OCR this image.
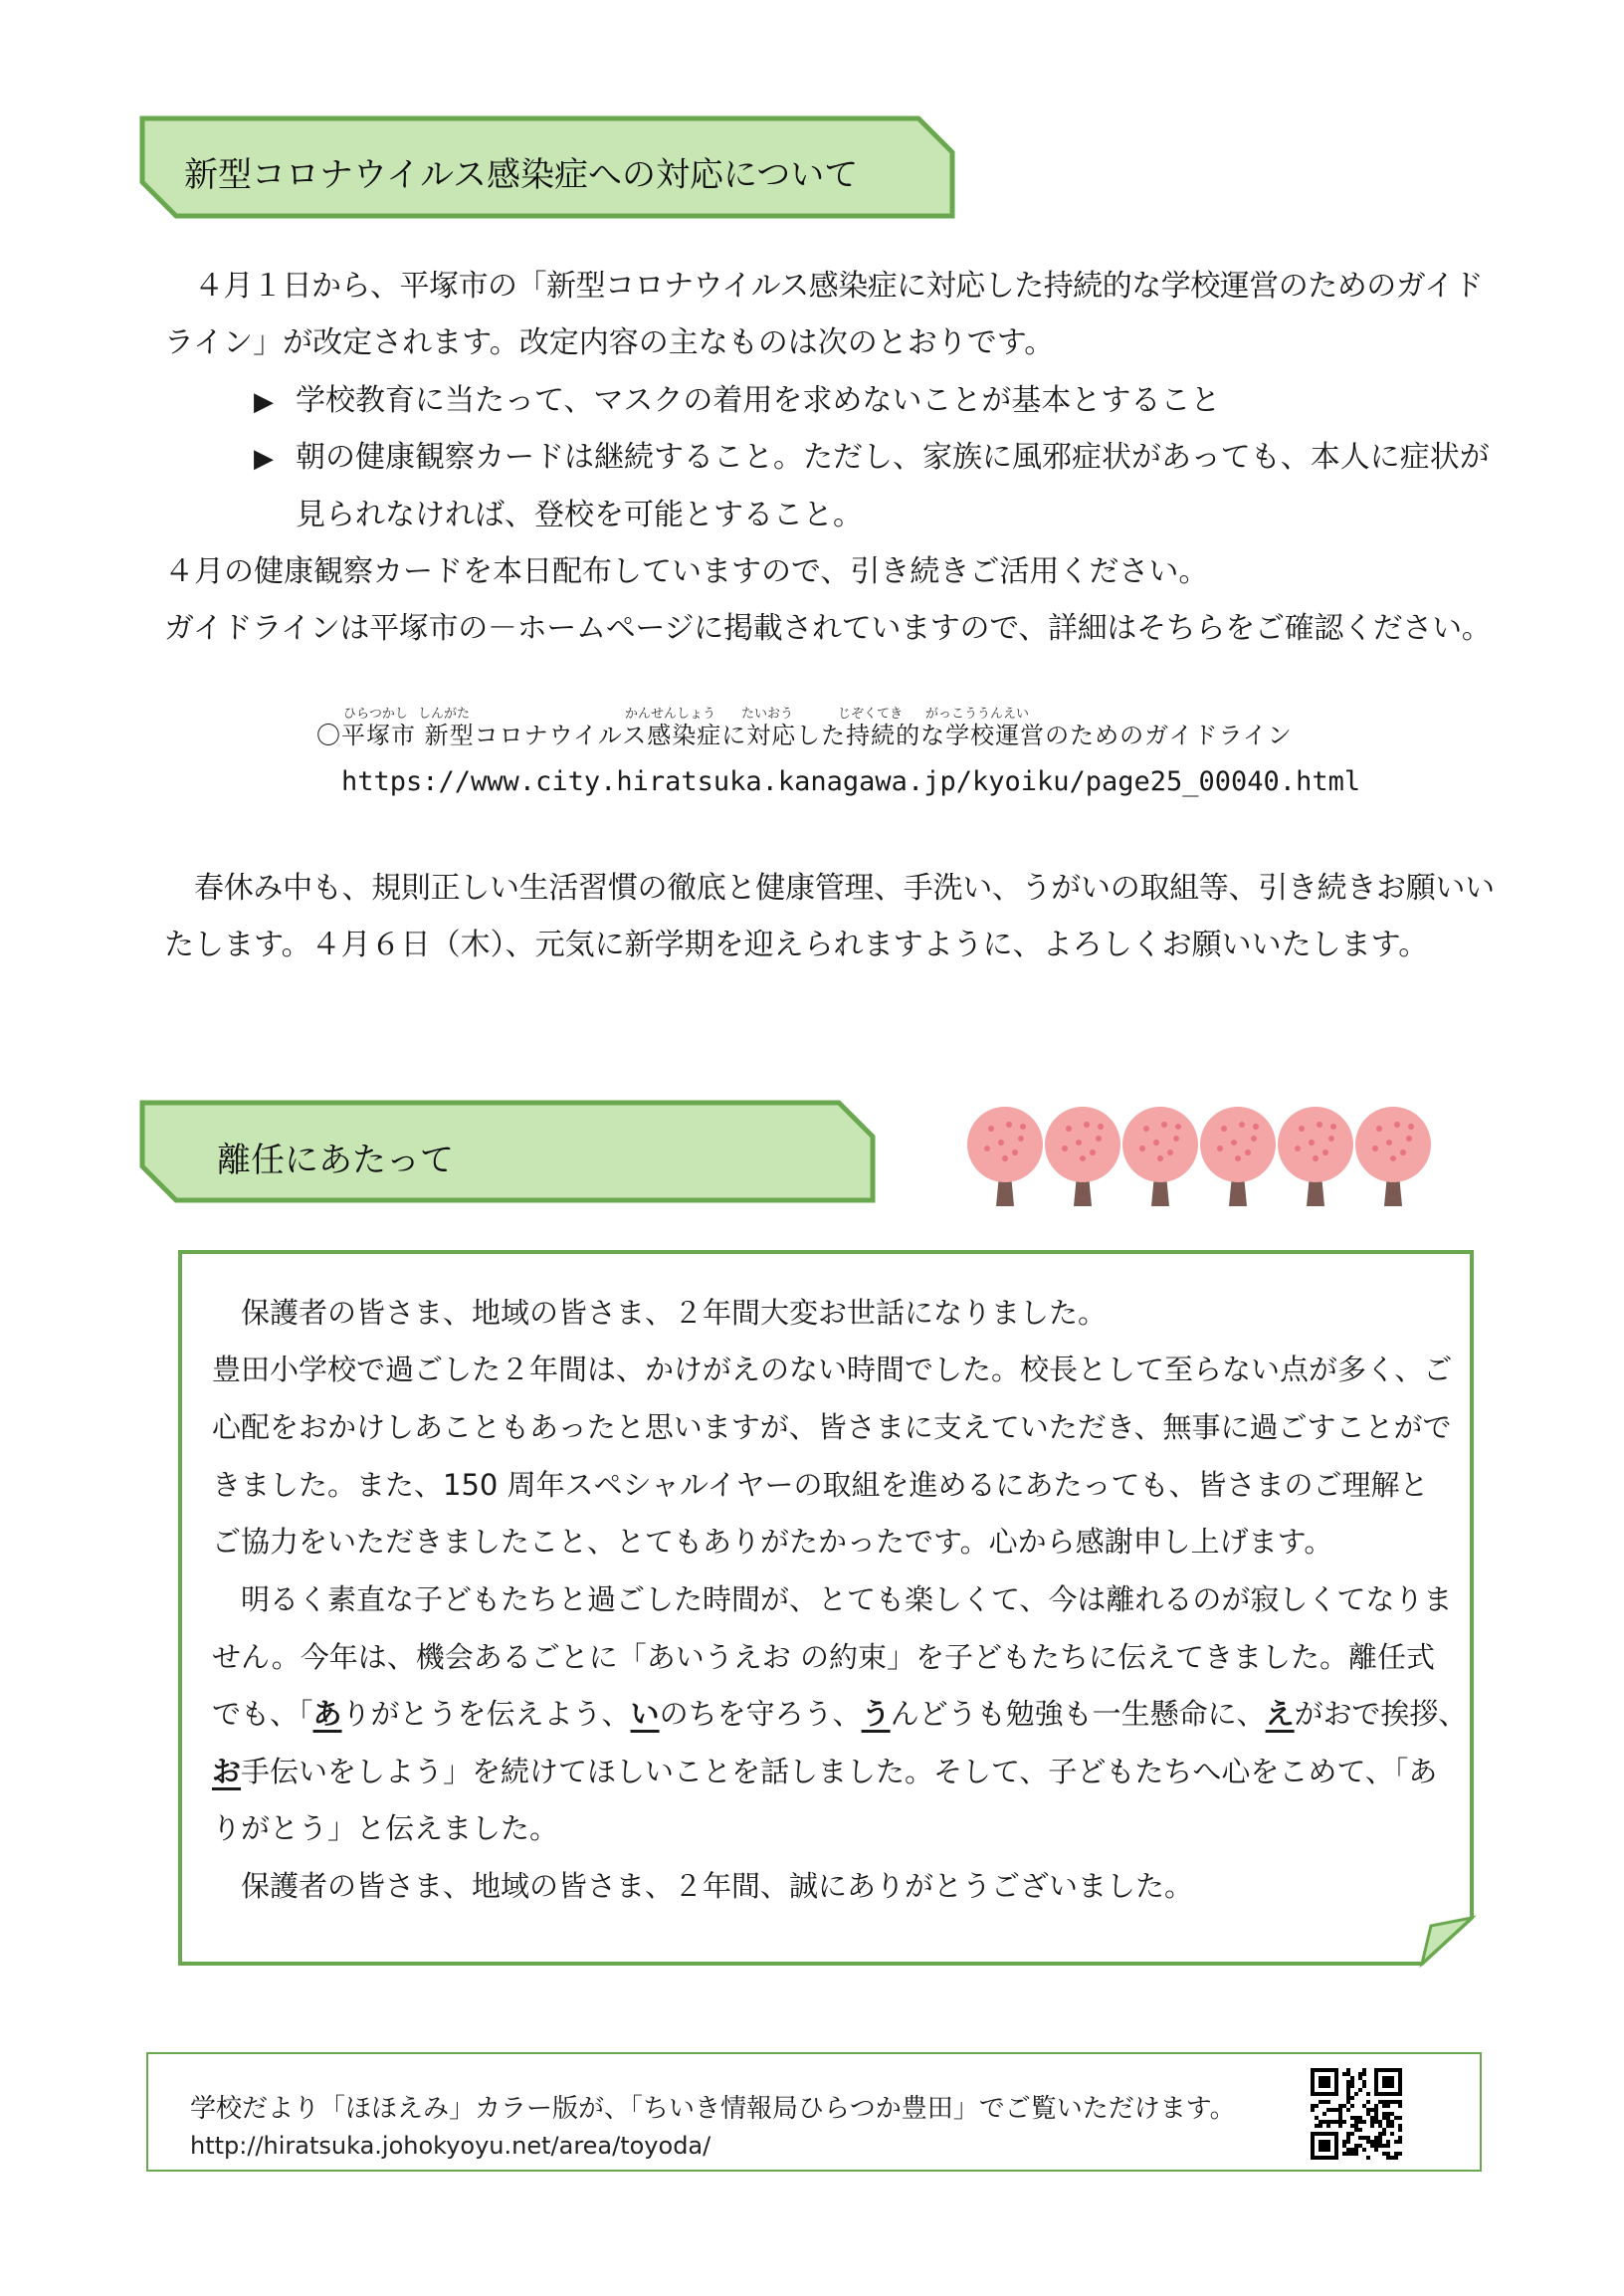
新型コロナウイルス感染症への対応について
４月１日から、平塚市の「新型コロナウイルス感染症に対応した持続的な学校運営のためのガイド
ライン」が改定されます。改定内容の主なものは次のとおりです。
▶ 学校教育に当たって、マスクの着用を求めないことが基本とすること
▶ 朝の健康観察カードは継続すること。ただし、家族に風邪症状があっても、本人に症状が
見られなければ、登校を可能とすること。
４月の健康観察カードを本日配布していますので、引き続きご活用ください。
ガイドラインは平塚市の－ホームページに掲載されていますので、詳細はそちらをご確認ください。
ひらつかし しんがた	かんせんしょう たいおう	じぞくてき がっこううんえい
〇平塚市 新型コロナウイルス感染症に対応した持続的な学校運営のためのガイドライン
https://www.city.hiratsuka.kanagawa.jp/kyoiku/page25_00040.html
春休み中も、規則正しい生活習慣の徹底と健康管理、手洗い、うがいの取組等、引き続きお願いい
たします。４月６日（木）、元気に新学期を迎えられますように、よろしくお願いいたします。
離任にあたって
保護者の皆さま、地域の皆さま、２年間大変お世話になりました。
豊田小学校で過ごした２年間は、かけがえのない時間でした。校長として至らない点が多く、ご
心配をおかけしあこともあったと思いますが、皆さまに支えていただき、無事に過ごすことがで
きました。また、150 周年スペシャルイヤーの取組を進めるにあたっても、皆さまのご理解と
ご協力をいただきましたこと、とてもありがたかったです。心から感謝申し上げます。
明るく素直な子どもたちと過ごした時間が、とても楽しくて、今は離れるのが寂しくてなりま
せん。今年は、機会あるごとに「あいうえお の約束」を子どもたちに伝えてきました。離任式
でも、「ありがとうを伝えよう、いのちを守ろう、うんどうも勉強も一生懸命に、えがおで挨拶、
お手伝いをしよう」を続けてほしいことを話しました。そして、子どもたちへ心をこめて、「あ
りがとう」と伝えました。
保護者の皆さま、地域の皆さま、２年間、誠にありがとうございました。
学校だより「ほほえみ」カラー版が、「ちいき情報局ひらつか豊田」でご覧いただけます。
http://hiratsuka.johokyoyu.net/area/toyoda/
